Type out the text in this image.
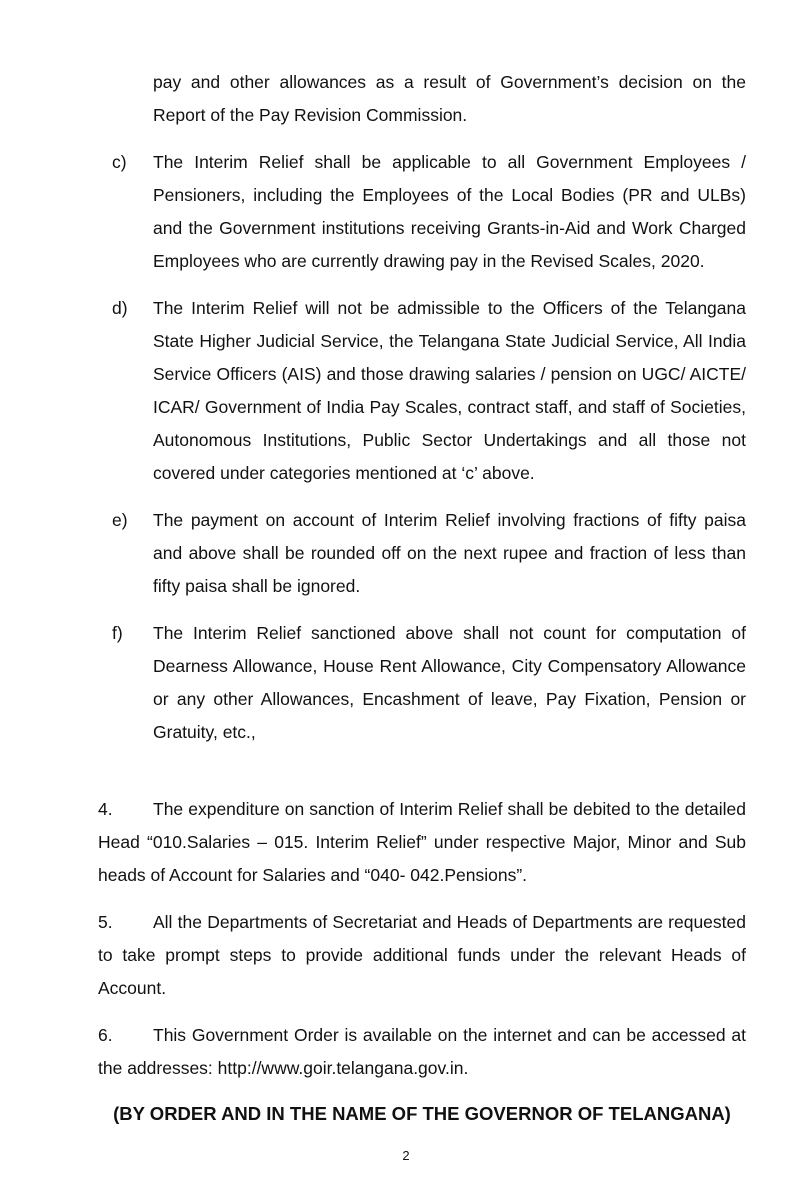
pay and other allowances as a result of Government’s decision on the Report of the Pay Revision Commission.
c)	The Interim Relief shall be applicable to all Government Employees / Pensioners, including the Employees of the Local Bodies (PR and ULBs) and the Government institutions receiving Grants-in-Aid and Work Charged Employees who are currently drawing pay in the Revised Scales, 2020.
d)	The Interim Relief will not be admissible to the Officers of the Telangana State Higher Judicial Service, the Telangana State Judicial Service, All India Service Officers (AIS) and those drawing salaries / pension on UGC/ AICTE/ ICAR/ Government of India Pay Scales, contract staff, and staff of Societies, Autonomous Institutions, Public Sector Undertakings and all those not covered under categories mentioned at ‘c’ above.
e)	The payment on account of Interim Relief involving fractions of fifty paisa and above shall be rounded off on the next rupee and fraction of less than fifty paisa shall be ignored.
f)	The Interim Relief sanctioned above shall not count for computation of Dearness Allowance, House Rent Allowance, City Compensatory Allowance or any other Allowances, Encashment of leave, Pay Fixation, Pension or Gratuity, etc.,
4. The expenditure on sanction of Interim Relief shall be debited to the detailed Head “010.Salaries – 015. Interim Relief” under respective Major, Minor and Sub heads of Account for Salaries and “040- 042.Pensions”.
5. All the Departments of Secretariat and Heads of Departments are requested to take prompt steps to provide additional funds under the relevant Heads of Account.
6. This Government Order is available on the internet and can be accessed at the addresses: http://www.goir.telangana.gov.in.
(BY ORDER AND IN THE NAME OF THE GOVERNOR OF TELANGANA)
2
